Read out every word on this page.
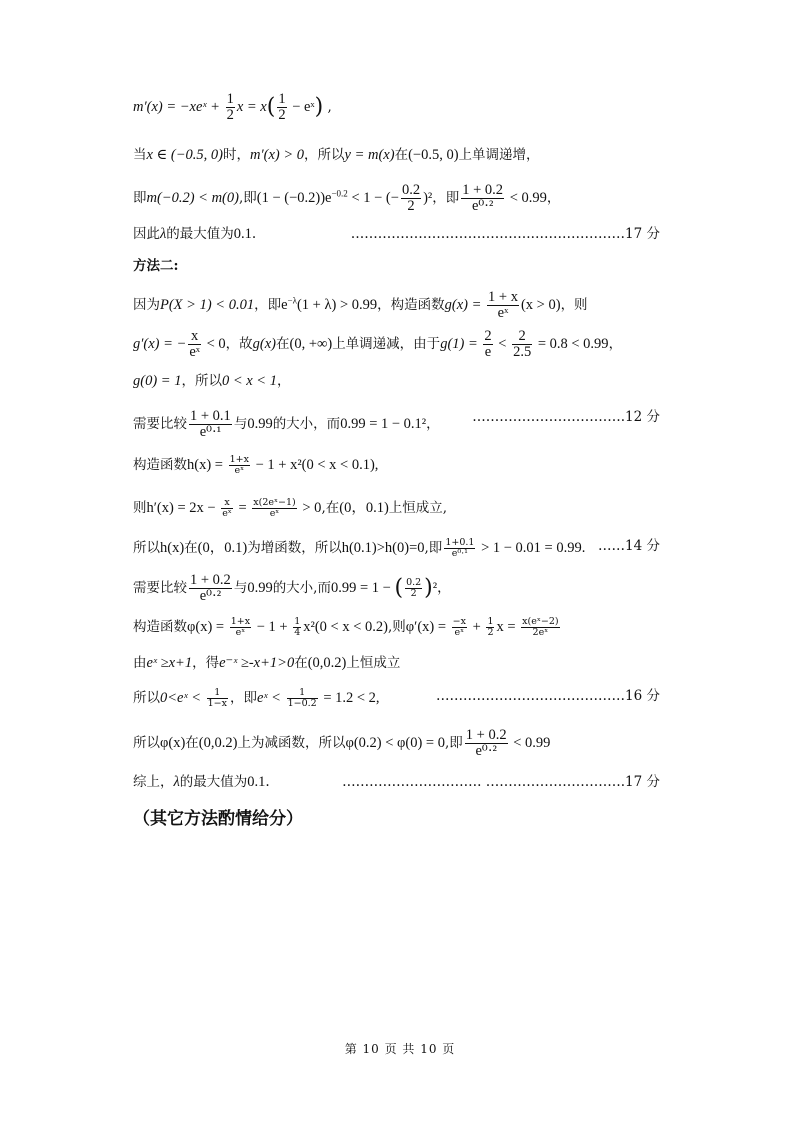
m′(x) = −xeˣ + $\frac{1}{2}$ $x = x( \frac{1}{2}$ − eˣ) ,
当x ∈ (−0.5, 0)时，m′(x) > 0，所以y = m(x)在(−0.5, 0)上单调递增，
即m(−0.2) < m(0),即$(1 - (-0.2))e^{-0.2} < 1$ − (− $\frac{0.2}{2} )^2$，即 $\frac{1 + 0.2}{\text{e⁰·²}} < 0.99$，
因此λ的最大值为0.1.	………………………………….…………………17 分
方法二:
因为P(X > 1) < 0.01，即$e^{-\lambda}(1 + \lambda) > 0.99$，构造函数$g(x) = \frac{1 + x}{\text{eˣ}} (x > 0)$，则
g′(x) = − $\frac{x}{\text{eˣ}} < 0$，故g(x)在(0, +∞)上单调递减，由于$g(1) = \frac{2}{e} < \frac{2}{2.5} = 0.8 < 0.99$，
g(0) = 1，所以0 < x < 1，
需要比较 $\frac{1 + 0.1}{\text{e⁰·¹}}$ 与0.99的大小，而0.99 = 1 − 0.1²， …………………………….12 分
构造函数$h(x) = \frac{1+x}{\text{eˣ}} - 1 + x^2(0 < x < 0.1)$,
则$h'(x) = 2x - \frac{x}{\text{eˣ}} = \frac{\text{x(2eˣ−1)}}{\text{eˣ}} > 0$,在(0，0.1)上恒成立,
所以h(x)在(0，0.1)为增函数，所以h(0.1)>h(0)=0,即 $\frac{1+0.1}{\text{e⁰·¹}} > 1 - 0.01 = 0.99$. ……14 分
需要比较 $\frac{1 + 0.2}{\text{e⁰·²}}$ 与0.99的大小,而0.99 = 1 − ( $\frac{0.2}{2} )^2$，
构造函数$\varphi(x) = \frac{1+x}{\text{eˣ}} - 1 + \frac{1}{4} x^2(0 < x < 0.2)$,则$\varphi'(x) = \frac{-x}{\text{eˣ}} + \frac{1}{2}$ $x = \frac{\text{x(eˣ−2)}}{\text{2eˣ}}$
由eˣ ≥x+1，得e⁻ˣ ≥-x+1>0在(0,0.2)上恒成立
所以0<eˣ < $\frac{1}{1-x}$ ，即eˣ < $\frac{1}{1-0.2} = 1.2 < 2$,	……………………………………16 分
所以φ(x)在(0,0.2)上为减函数，所以φ(0.2) < φ(0) = 0,即 $\frac{1 + 0.2}{\text{e⁰·²}} < 0.99$
综上，λ的最大值为0.1.	…………………………. ………………………….17 分
（其它方法酌情给分）
第 10 页 共 10 页
